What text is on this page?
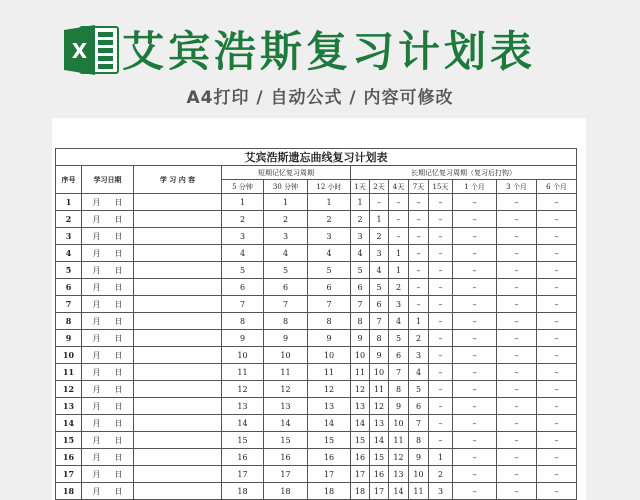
X 艾宾浩斯复习计划表
A4打印 / 自动公式 / 内容可修改
艾宾浩斯遗忘曲线复习计划表													
序号	学习日期	学 习 内 容	短期记忆复习周期			长期记忆复习周期（复习后打钩）							
			5 分钟	30 分钟	12 小时	1天	2天	4天	7天	15天	1 个月	3 个月	6 个月
1	月 日		1	1	1	1	–	–	–	–	–	–	–
2	月 日		2	2	2	2	1	–	–	–	–	–	–
3	月 日		3	3	3	3	2	–	–	–	–	–	–
4	月 日		4	4	4	4	3	1	–	–	–	–	–
5	月 日		5	5	5	5	4	1	–	–	–	–	–
6	月 日		6	6	6	6	5	2	–	–	–	–	–
7	月 日		7	7	7	7	6	3	–	–	–	–	–
8	月 日		8	8	8	8	7	4	1	–	–	–	–
9	月 日		9	9	9	9	8	5	2	–	–	–	–
10	月 日		10	10	10	10	9	6	3	–	–	–	–
11	月 日		11	11	11	11	10	7	4	–	–	–	–
12	月 日		12	12	12	12	11	8	5	–	–	–	–
13	月 日		13	13	13	13	12	9	6	–	–	–	–
14	月 日		14	14	14	14	13	10	7	–	–	–	–
15	月 日		15	15	15	15	14	11	8	–	–	–	–
16	月 日		16	16	16	16	15	12	9	1	–	–	–
17	月 日		17	17	17	17	16	13	10	2	–	–	–
18	月 日		18	18	18	18	17	14	11	3	–	–	–
